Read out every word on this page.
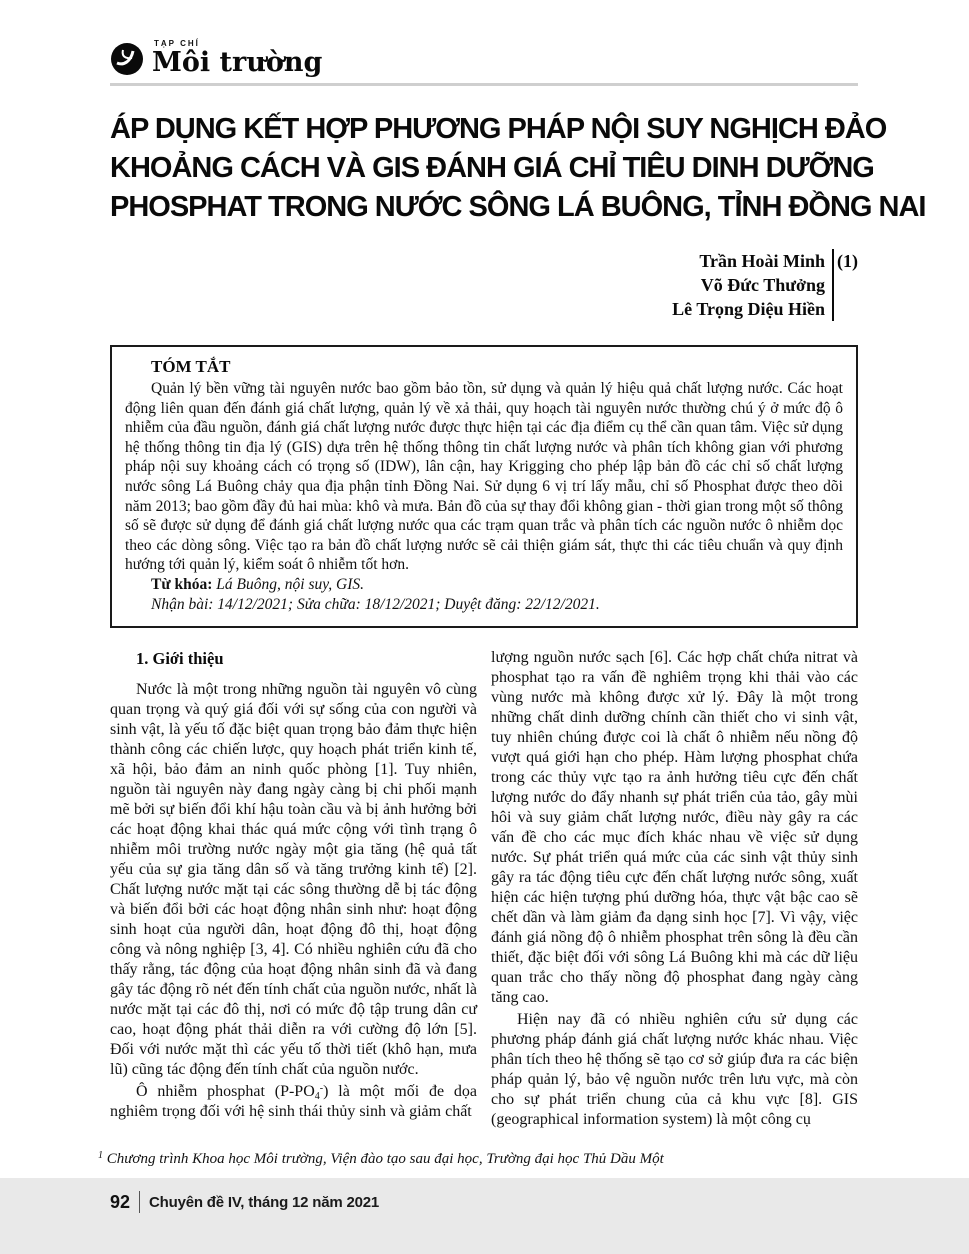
TẠP CHÍ
Môi trường
ÁP DỤNG KẾT HỢP PHƯƠNG PHÁP NỘI SUY NGHỊCH ĐẢO
KHOẢNG CÁCH VÀ GIS ĐÁNH GIÁ CHỈ TIÊU DINH DƯỠNG
PHOSPHAT TRONG NƯỚC SÔNG LÁ BUÔNG, TỈNH ĐỒNG NAI
Trần Hoài Minh
Võ Đức Thưởng
Lê Trọng Diệu Hiền
(1)
TÓM TẮT
Quản lý bền vững tài nguyên nước bao gồm bảo tồn, sử dụng và quản lý hiệu quả chất lượng nước. Các hoạt động liên quan đến đánh giá chất lượng, quản lý về xả thải, quy hoạch tài nguyên nước thường chú ý ở mức độ ô nhiễm của đầu nguồn, đánh giá chất lượng nước được thực hiện tại các địa điểm cụ thể cần quan tâm. Việc sử dụng hệ thống thông tin địa lý (GIS) dựa trên hệ thống thông tin chất lượng nước và phân tích không gian với phương pháp nội suy khoảng cách có trọng số (IDW), lân cận, hay Krigging cho phép lập bản đồ các chỉ số chất lượng nước sông Lá Buông chảy qua địa phận tỉnh Đồng Nai. Sử dụng 6 vị trí lấy mẫu, chỉ số Phosphat được theo dõi năm 2013; bao gồm đầy đủ hai mùa: khô và mưa. Bản đồ của sự thay đổi không gian - thời gian trong một số thông số sẽ được sử dụng để đánh giá chất lượng nước qua các trạm quan trắc và phân tích các nguồn nước ô nhiễm dọc theo các dòng sông. Việc tạo ra bản đồ chất lượng nước sẽ cải thiện giám sát, thực thi các tiêu chuẩn và quy định hướng tới quản lý, kiểm soát ô nhiễm tốt hơn.
Từ khóa: Lá Buông, nội suy, GIS.
Nhận bài: 14/12/2021; Sửa chữa: 18/12/2021; Duyệt đăng: 22/12/2021.
1. Giới thiệu

Nước là một trong những nguồn tài nguyên vô cùng quan trọng và quý giá đối với sự sống của con người và sinh vật, là yếu tố đặc biệt quan trọng bảo đảm thực hiện thành công các chiến lược, quy hoạch phát triển kinh tế, xã hội, bảo đảm an ninh quốc phòng [1]. Tuy nhiên, nguồn tài nguyên này đang ngày càng bị chi phối mạnh mẽ bởi sự biến đổi khí hậu toàn cầu và bị ảnh hưởng bởi các hoạt động khai thác quá mức cộng với tình trạng ô nhiễm môi trường nước ngày một gia tăng (hệ quả tất yếu của sự gia tăng dân số và tăng trưởng kinh tế) [2]. Chất lượng nước mặt tại các sông thường dễ bị tác động và biến đổi bởi các hoạt động nhân sinh như: hoạt động sinh hoạt của người dân, hoạt động đô thị, hoạt động công và nông nghiệp [3, 4]. Có nhiều nghiên cứu đã cho thấy rằng, tác động của hoạt động nhân sinh đã và đang gây tác động rõ nét đến tính chất của nguồn nước, nhất là nước mặt tại các đô thị, nơi có mức độ tập trung dân cư cao, hoạt động phát thải diễn ra với cường độ lớn [5]. Đối với nước mặt thì các yếu tố thời tiết (khô hạn, mưa lũ) cũng tác động đến tính chất của nguồn nước.

Ô nhiễm phosphat $(P-PO_4^-)$ là một mối đe dọa nghiêm trọng đối với hệ sinh thái thủy sinh và giảm chất

lượng nguồn nước sạch [6]. Các hợp chất chứa nitrat và phosphat tạo ra vấn đề nghiêm trọng khi thải vào các vùng nước mà không được xử lý. Đây là một trong những chất dinh dưỡng chính cần thiết cho vi sinh vật, tuy nhiên chúng được coi là chất ô nhiễm nếu nồng độ vượt quá giới hạn cho phép. Hàm lượng phosphat chứa trong các thủy vực tạo ra ảnh hưởng tiêu cực đến chất lượng nước do đẩy nhanh sự phát triển của tảo, gây mùi hôi và suy giảm chất lượng nước, điều này gây ra các vấn đề cho các mục đích khác nhau về việc sử dụng nước. Sự phát triển quá mức của các sinh vật thủy sinh gây ra tác động tiêu cực đến chất lượng nước sông, xuất hiện các hiện tượng phú dưỡng hóa, thực vật bậc cao sẽ chết dần và làm giảm đa dạng sinh học [7]. Vì vậy, việc đánh giá nồng độ ô nhiễm phosphat trên sông là đều cần thiết, đặc biệt đối với sông Lá Buông khi mà các dữ liệu quan trắc cho thấy nồng độ phosphat đang ngày càng tăng cao.

Hiện nay đã có nhiều nghiên cứu sử dụng các phương pháp đánh giá chất lượng nước khác nhau. Việc phân tích theo hệ thống sẽ tạo cơ sở giúp đưa ra các biện pháp quản lý, bảo vệ nguồn nước trên lưu vực, mà còn cho sự phát triển chung của cả khu vực [8]. GIS (geographical information system) là một công cụ

$^1$ Chương trình Khoa học Môi trường, Viện đào tạo sau đại học, Trường đại học Thủ Dầu Một
92 Chuyên đề IV, tháng 12 năm 2021
